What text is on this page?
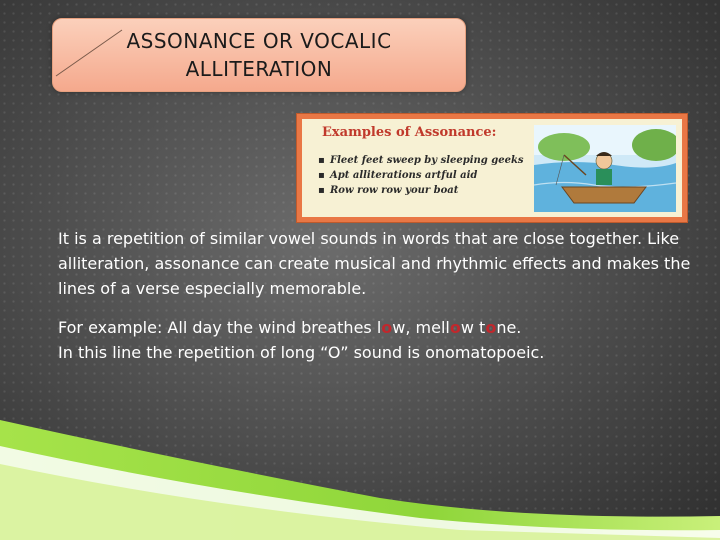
ASSONANCE OR VOCALIC
ALLITERATION
Examples of Assonance:
▪ Fleet feet sweep by sleeping geeks
▪ Apt alliterations artful aid
▪ Row row row your boat

It is a repetition of similar vowel sounds in words that are close together. Like alliteration, assonance can create musical and rhythmic effects and makes the lines of a verse especially memorable.

For example: All day the wind breathes low, mellow tone.
In this line the repetition of long “O” sound is onomatopoeic.
